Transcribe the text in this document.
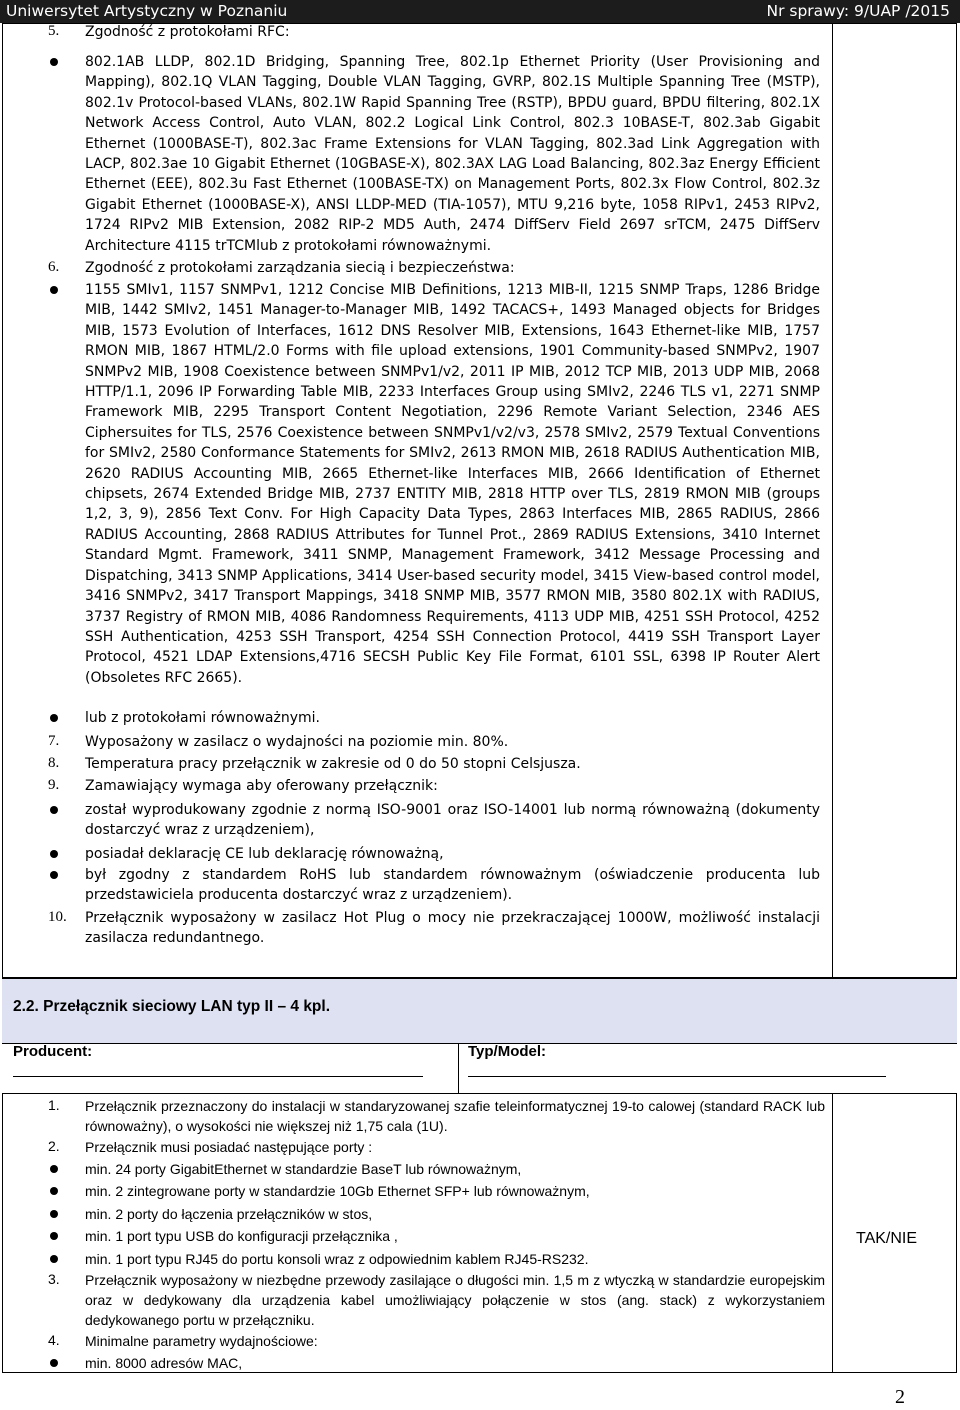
Uniwersytet Artystyczny w Poznaniu	Nr sprawy: 9/UAP /2015
5.	Zgodność z protokołami RFC:
802.1AB LLDP, 802.1D Bridging, Spanning Tree, 802.1p Ethernet Priority (User Provisioning and Mapping), 802.1Q VLAN Tagging, Double VLAN Tagging, GVRP, 802.1S Multiple Spanning Tree (MSTP), 802.1v Protocol-based VLANs, 802.1W Rapid Spanning Tree (RSTP), BPDU guard, BPDU filtering, 802.1X Network Access Control, Auto VLAN, 802.2 Logical Link Control, 802.3 10BASE-T, 802.3ab Gigabit Ethernet (1000BASE-T), 802.3ac Frame Extensions for VLAN Tagging, 802.3ad Link Aggregation with LACP, 802.3ae 10 Gigabit Ethernet (10GBASE-X), 802.3AX LAG Load Balancing, 802.3az Energy Efficient Ethernet (EEE), 802.3u Fast Ethernet (100BASE-TX) on Management Ports, 802.3x Flow Control, 802.3z Gigabit Ethernet (1000BASE-X), ANSI LLDP-MED (TIA-1057), MTU 9,216 byte, 1058 RIPv1, 2453 RIPv2, 1724 RIPv2 MIB Extension, 2082 RIP-2 MD5 Auth, 2474 DiffServ Field 2697 srTCM, 2475 DiffServ Architecture 4115 trTCMlub z protokołami równoważnymi.
6.	Zgodność z protokołami zarządzania siecią i bezpieczeństwa:
1155 SMIv1, 1157 SNMPv1, 1212 Concise MIB Definitions, 1213 MIB-II, 1215 SNMP Traps, 1286 Bridge MIB, 1442 SMIv2, 1451 Manager-to-Manager MIB, 1492 TACACS+, 1493 Managed objects for Bridges MIB, 1573 Evolution of Interfaces, 1612 DNS Resolver MIB, Extensions, 1643 Ethernet-like MIB, 1757 RMON MIB, 1867 HTML/2.0 Forms with file upload extensions, 1901 Community-based SNMPv2, 1907 SNMPv2 MIB, 1908 Coexistence between SNMPv1/v2, 2011 IP MIB, 2012 TCP MIB, 2013 UDP MIB, 2068 HTTP/1.1, 2096 IP Forwarding Table MIB, 2233 Interfaces Group using SMIv2, 2246 TLS v1, 2271 SNMP Framework MIB, 2295 Transport Content Negotiation, 2296 Remote Variant Selection, 2346 AES Ciphersuites for TLS, 2576 Coexistence between SNMPv1/v2/v3, 2578 SMIv2, 2579 Textual Conventions for SMIv2, 2580 Conformance Statements for SMIv2, 2613 RMON MIB, 2618 RADIUS Authentication MIB, 2620 RADIUS Accounting MIB, 2665 Ethernet-like Interfaces MIB, 2666 Identification of Ethernet chipsets, 2674 Extended Bridge MIB, 2737 ENTITY MIB, 2818 HTTP over TLS, 2819 RMON MIB (groups 1,2, 3, 9), 2856 Text Conv. For High Capacity Data Types, 2863 Interfaces MIB, 2865 RADIUS, 2866 RADIUS Accounting, 2868 RADIUS Attributes for Tunnel Prot., 2869 RADIUS Extensions, 3410 Internet Standard Mgmt. Framework, 3411 SNMP, Management Framework, 3412 Message Processing and Dispatching, 3413 SNMP Applications, 3414 User-based security model, 3415 View-based control model, 3416 SNMPv2, 3417 Transport Mappings, 3418 SNMP MIB, 3577 RMON MIB, 3580 802.1X with RADIUS, 3737 Registry of RMON MIB, 4086 Randomness Requirements, 4113 UDP MIB, 4251 SSH Protocol, 4252 SSH Authentication, 4253 SSH Transport, 4254 SSH Connection Protocol, 4419 SSH Transport Layer Protocol, 4521 LDAP Extensions,4716 SECSH Public Key File Format, 6101 SSL, 6398 IP Router Alert (Obsoletes RFC 2665).
lub z protokołami równoważnymi.
7.	Wyposażony w zasilacz o wydajności na poziomie min. 80%.
8.	Temperatura pracy przełącznik w zakresie od 0 do 50 stopni Celsjusza.
9.	Zamawiający wymaga aby oferowany przełącznik:
został wyprodukowany zgodnie z normą ISO-9001 oraz ISO-14001 lub normą równoważną (dokumenty dostarczyć wraz z urządzeniem),
posiadał deklarację CE lub deklarację równoważną,
był zgodny z standardem RoHS lub standardem równoważnym (oświadczenie producenta lub przedstawiciela producenta dostarczyć wraz z urządzeniem).
10.	Przełącznik wyposażony w zasilacz Hot Plug o mocy nie przekraczającej 1000W, możliwość instalacji zasilacza redundantnego.
2.2. Przełącznik sieciowy LAN typ II – 4 kpl.
Producent:	Typ/Model:
1.	Przełącznik przeznaczony do instalacji w standaryzowanej szafie teleinformatycznej 19-to calowej (standard RACK lub równoważny), o wysokości nie większej niż 1,75 cala (1U).
2.	Przełącznik musi posiadać następujące porty :
min. 24 porty GigabitEthernet w standardzie BaseT lub równoważnym,
min. 2 zintegrowane porty w standardzie 10Gb Ethernet SFP+ lub równoważnym,
min. 2 porty do łączenia przełączników w stos,
min. 1 port typu USB do konfiguracji przełącznika ,
min. 1 port typu RJ45 do portu konsoli wraz z odpowiednim kablem RJ45-RS232.
3.	Przełącznik wyposażony w niezbędne przewody zasilające o długości min. 1,5 m z wtyczką w standardzie europejskim oraz w dedykowany dla urządzenia kabel umożliwiający połączenie w stos (ang. stack) z wykorzystaniem dedykowanego portu w przełączniku.
4.	Minimalne parametry wydajnościowe:
min. 8000 adresów MAC,
TAK/NIE
2
